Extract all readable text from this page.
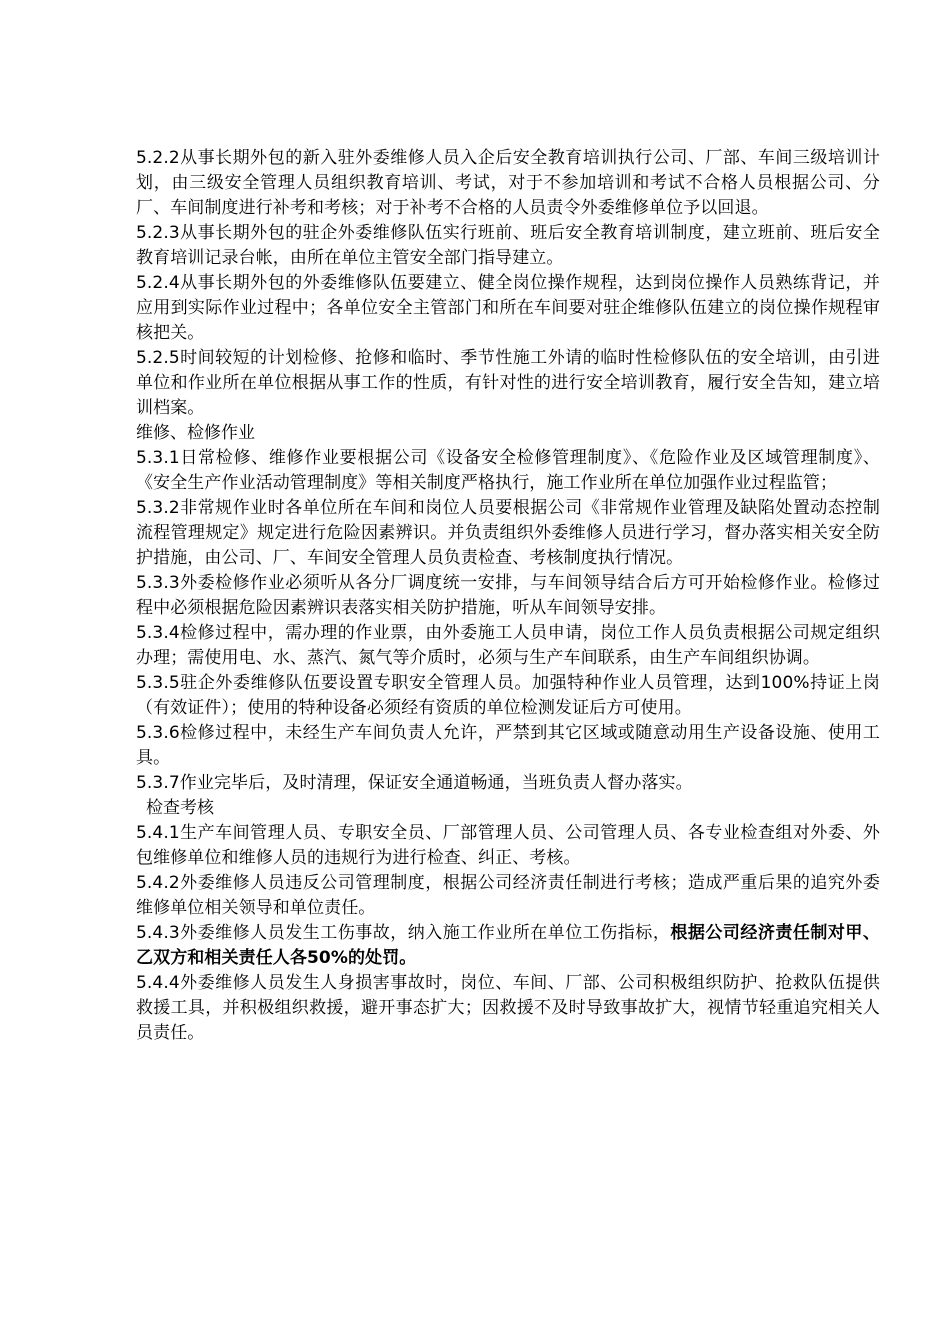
5.2.2从事长期外包的新入驻外委维修人员入企后安全教育培训执行公司、厂部、车间三级培训计划，由三级安全管理人员组织教育培训、考试，对于不参加培训和考试不合格人员根据公司、分厂、车间制度进行补考和考核；对于补考不合格的人员责令外委维修单位予以回退。

5.2.3从事长期外包的驻企外委维修队伍实行班前、班后安全教育培训制度，建立班前、班后安全教育培训记录台帐，由所在单位主管安全部门指导建立。

5.2.4从事长期外包的外委维修队伍要建立、健全岗位操作规程，达到岗位操作人员熟练背记，并应用到实际作业过程中；各单位安全主管部门和所在车间要对驻企维修队伍建立的岗位操作规程审核把关。

5.2.5时间较短的计划检修、抢修和临时、季节性施工外请的临时性检修队伍的安全培训，由引进单位和作业所在单位根据从事工作的性质，有针对性的进行安全培训教育，履行安全告知，建立培训档案。

维修、检修作业

5.3.1日常检修、维修作业要根据公司《设备安全检修管理制度》、《危险作业及区域管理制度》、《安全生产作业活动管理制度》等相关制度严格执行，施工作业所在单位加强作业过程监管；

5.3.2非常规作业时各单位所在车间和岗位人员要根据公司《非常规作业管理及缺陷处置动态控制流程管理规定》规定进行危险因素辨识。并负责组织外委维修人员进行学习，督办落实相关安全防护措施，由公司、厂、车间安全管理人员负责检查、考核制度执行情况。

5.3.3外委检修作业必须听从各分厂调度统一安排，与车间领导结合后方可开始检修作业。检修过程中必须根据危险因素辨识表落实相关防护措施，听从车间领导安排。

5.3.4检修过程中，需办理的作业票，由外委施工人员申请，岗位工作人员负责根据公司规定组织办理；需使用电、水、蒸汽、氮气等介质时，必须与生产车间联系，由生产车间组织协调。

5.3.5驻企外委维修队伍要设置专职安全管理人员。加强特种作业人员管理，达到100%持证上岗（有效证件）；使用的特种设备必须经有资质的单位检测发证后方可使用。

5.3.6检修过程中，未经生产车间负责人允许，严禁到其它区域或随意动用生产设备设施、使用工具。

5.3.7作业完毕后，及时清理，保证安全通道畅通，当班负责人督办落实。

检查考核

5.4.1生产车间管理人员、专职安全员、厂部管理人员、公司管理人员、各专业检查组对外委、外包维修单位和维修人员的违规行为进行检查、纠正、考核。

5.4.2外委维修人员违反公司管理制度，根据公司经济责任制进行考核；造成严重后果的追究外委维修单位相关领导和单位责任。

5.4.3外委维修人员发生工伤事故，纳入施工作业所在单位工伤指标，根据公司经济责任制对甲、乙双方和相关责任人各50%的处罚。

5.4.4外委维修人员发生人身损害事故时，岗位、车间、厂部、公司积极组织防护、抢救队伍提供救援工具，并积极组织救援，避开事态扩大；因救援不及时导致事故扩大，视情节轻重追究相关人员责任。
